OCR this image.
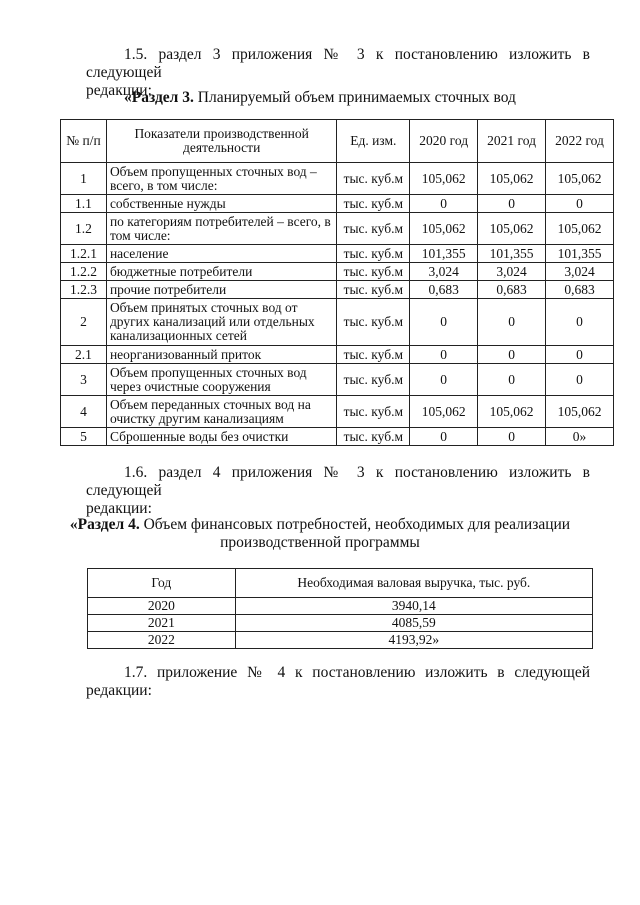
1.5. раздел 3 приложения № 3 к постановлению изложить в следующей
редакции:
«Раздел 3. Планируемый объем принимаемых сточных вод
№ п/п	Показатели производственной деятельности	Ед. изм.	2020 год	2021 год	2022 год
1	Объем пропущенных сточных вод – всего, в том числе:	тыс. куб.м	105,062	105,062	105,062
1.1	собственные нужды	тыс. куб.м	0	0	0
1.2	по категориям потребителей – всего, в том числе:	тыс. куб.м	105,062	105,062	105,062
1.2.1	население	тыс. куб.м	101,355	101,355	101,355
1.2.2	бюджетные потребители	тыс. куб.м	3,024	3,024	3,024
1.2.3	прочие потребители	тыс. куб.м	0,683	0,683	0,683
2	Объем принятых сточных вод от других канализаций или отдельных канализационных сетей	тыс. куб.м	0	0	0
2.1	неорганизованный приток	тыс. куб.м	0	0	0
3	Объем пропущенных сточных вод через очистные сооружения	тыс. куб.м	0	0	0
4	Объем переданных сточных вод на очистку другим канализациям	тыс. куб.м	105,062	105,062	105,062
5	Сброшенные воды без очистки	тыс. куб.м	0	0	0»
1.6. раздел 4 приложения № 3 к постановлению изложить в следующей
редакции:
«Раздел 4. Объем финансовых потребностей, необходимых для реализации
производственной программы
Год	Необходимая валовая выручка, тыс. руб.
2020	3940,14
2021	4085,59
2022	4193,92»
1.7. приложение № 4 к постановлению изложить в следующей
редакции:
